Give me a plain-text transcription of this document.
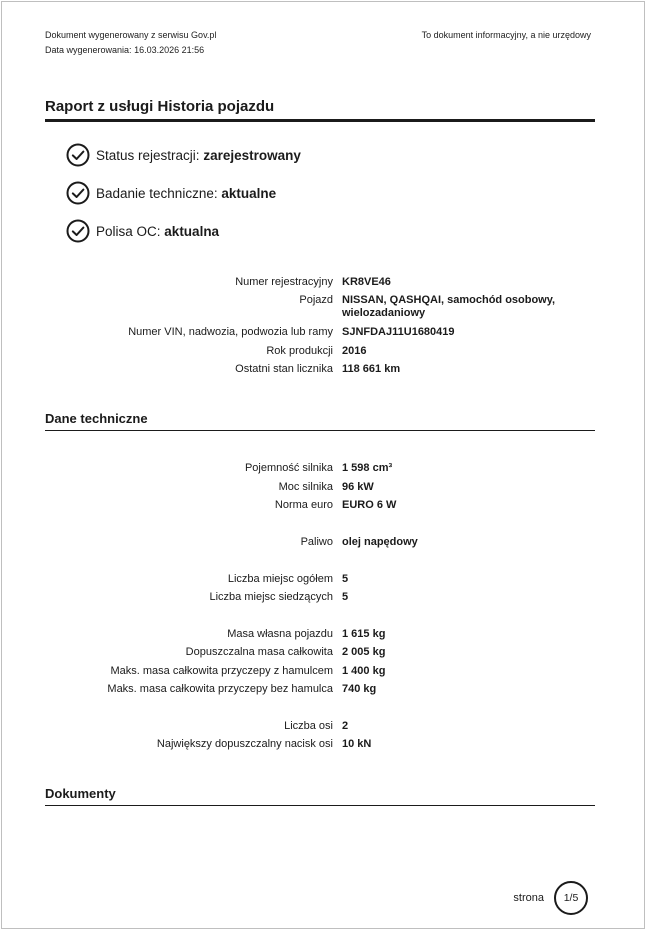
Dokument wygenerowany z serwisu Gov.pl
Data wygenerowania: 16.03.2026 21:56
To dokument informacyjny, a nie urzędowy
Raport z usługi Historia pojazdu
Status rejestracji:
zarejestrowany
Badanie techniczne:
aktualne
Polisa OC:
aktualna
Numer rejestracyjny KR8VE46
Pojazd NISSAN, QASHQAI, samochód osobowy, wielozadaniowy
Numer VIN, nadwozia, podwozia lub ramy SJNFDAJ11U1680419
Rok produkcji 2016
Ostatni stan licznika 118 661 km
Dane techniczne
Pojemność silnika 1 598 cm³
Moc silnika 96 kW
Norma euro EURO 6 W
Paliwo olej napędowy
Liczba miejsc ogółem 5
Liczba miejsc siedzących 5
Masa własna pojazdu 1 615 kg
Dopuszczalna masa całkowita 2 005 kg
Maks. masa całkowita przyczepy z hamulcem 1 400 kg
Maks. masa całkowita przyczepy bez hamulca 740 kg
Liczba osi 2
Największy dopuszczalny nacisk osi 10 kN
Dokumenty
strona	1/5
